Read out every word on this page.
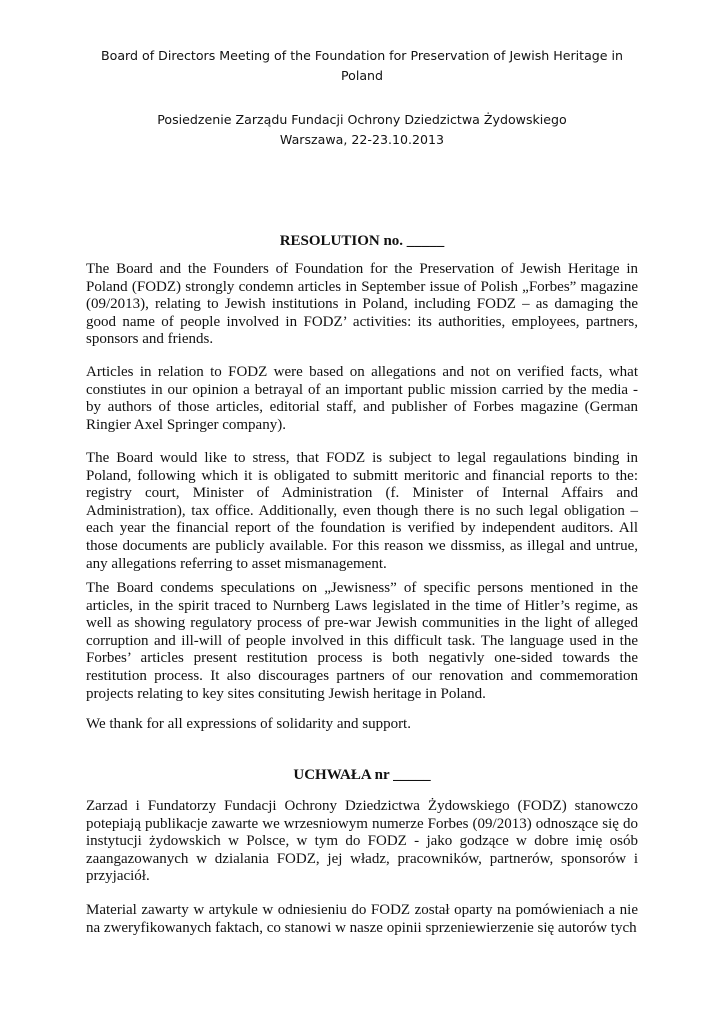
Board of Directors Meeting of the Foundation for Preservation of Jewish Heritage in
Poland
Posiedzenie Zarządu Fundacji Ochrony Dziedzictwa Żydowskiego
Warszawa, 22-23.10.2013
RESOLUTION no. _____

The Board and the Founders of Foundation for the Preservation of Jewish Heritage in Poland (FODZ) strongly condemn articles in September issue of Polish „Forbes” magazine (09/2013), relating to Jewish institutions in Poland, including FODZ – as damaging the good name of people involved in FODZ’ activities: its authorities, employees, partners, sponsors and friends.

Articles in relation to FODZ were based on allegations and not on verified facts, what constiutes in our opinion a betrayal of an important public mission carried by the media - by authors of those articles, editorial staff, and publisher of Forbes magazine (German Ringier Axel Springer company).

The Board would like to stress, that FODZ is subject to legal regaulations binding in Poland, following which it is obligated to submitt meritoric and financial reports to the: registry court, Minister of Administration (f. Minister of Internal Affairs and Administration), tax office. Additionally, even though there is no such legal obligation – each year the financial report of the foundation is verified by independent auditors. All those documents are publicly available. For this reason we dissmiss, as illegal and untrue, any allegations referring to asset mismanagement.

The Board condems speculations on „Jewisness” of specific persons mentioned in the articles, in the spirit traced to Nurnberg Laws legislated in the time of Hitler’s regime, as well as showing regulatory process of pre-war Jewish communities in the light of alleged corruption and ill-will of people involved in this difficult task. The language used in the Forbes’ articles present restitution process is both negativly one-sided towards the restitution process. It also discourages partners of our renovation and commemoration projects relating to key sites consituting Jewish heritage in Poland.

We thank for all expressions of solidarity and support.

UCHWAŁA nr _____

Zarzad i Fundatorzy Fundacji Ochrony Dziedzictwa Żydowskiego (FODZ) stanowczo potepiają publikacje zawarte we wrzesniowym numerze Forbes (09/2013) odnoszące się do instytucji żydowskich w Polsce, w tym do FODZ - jako godzące w dobre imię osób zaangazowanych w dzialania FODZ, jej władz, pracowników, partnerów, sponsorów i przyjaciół.

Material zawarty w artykule w odniesieniu do FODZ został oparty na pomówieniach a nie na zweryfikowanych faktach, co stanowi w nasze opinii sprzeniewierzenie się autorów tych
